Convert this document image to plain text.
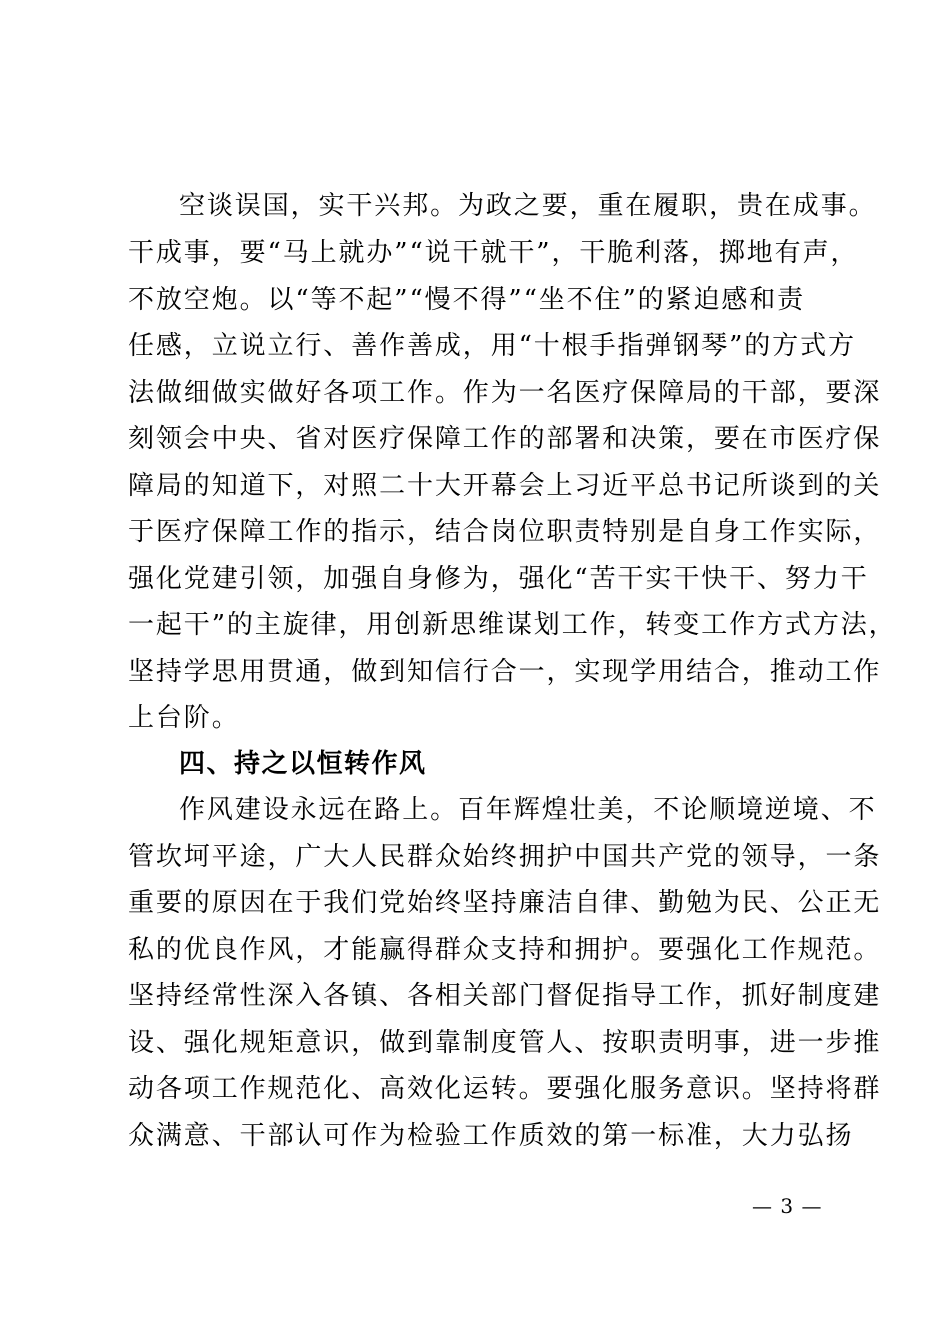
空谈误国，实干兴邦。为政之要，重在履职，贵在成事。
干成事，要“马上就办”“说干就干”，干脆利落，掷地有声，
不放空炮。以“等不起”“慢不得”“坐不住”的紧迫感和责
任感，立说立行、善作善成，用“十根手指弹钢琴”的方式方
法做细做实做好各项工作。作为一名医疗保障局的干部，要深
刻领会中央、省对医疗保障工作的部署和决策，要在市医疗保
障局的知道下，对照二十大开幕会上习近平总书记所谈到的关
于医疗保障工作的指示，结合岗位职责特别是自身工作实际，
强化党建引领，加强自身修为，强化“苦干实干快干、努力干
一起干”的主旋律，用创新思维谋划工作，转变工作方式方法，
坚持学思用贯通，做到知信行合一，实现学用结合，推动工作
上台阶。
四、持之以恒转作风
作风建设永远在路上。百年辉煌壮美，不论顺境逆境、不
管坎坷平途，广大人民群众始终拥护中国共产党的领导，一条
重要的原因在于我们党始终坚持廉洁自律、勤勉为民、公正无
私的优良作风，才能赢得群众支持和拥护。要强化工作规范。
坚持经常性深入各镇、各相关部门督促指导工作，抓好制度建
设、强化规矩意识，做到靠制度管人、按职责明事，进一步推
动各项工作规范化、高效化运转。要强化服务意识。坚持将群
众满意、干部认可作为检验工作质效的第一标准，大力弘扬
— 3 —
